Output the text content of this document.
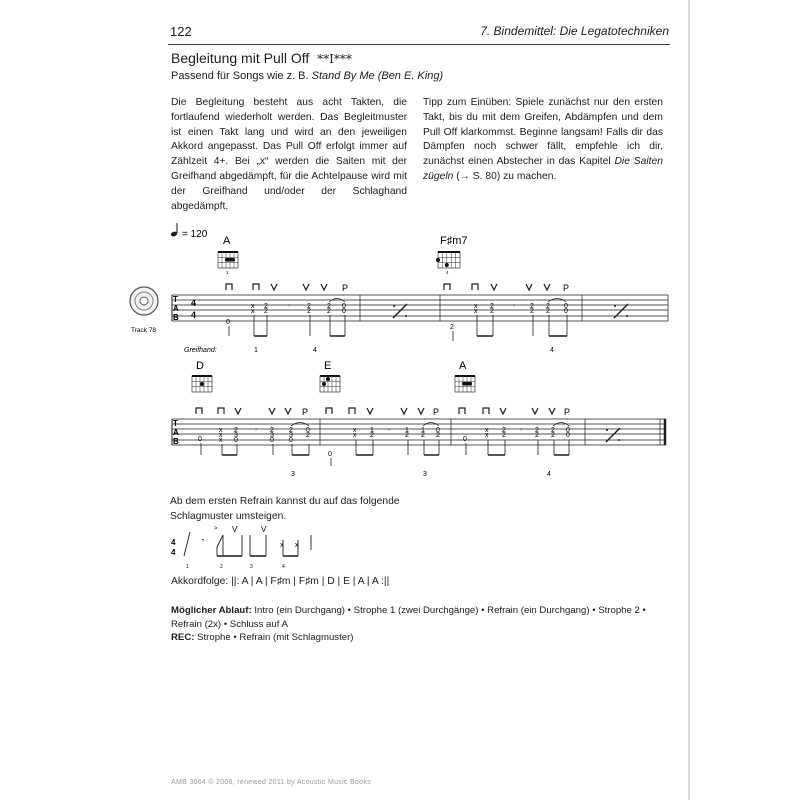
122	7. Bindemittel: Die Legatotechniken
Begleitung mit Pull Off **I***
Passend für Songs wie z. B. Stand By Me (Ben E. King)

Die Begleitung besteht aus acht Takten, die fortlaufend wiederholt werden. Das Begleitmuster ist einen Takt lang und wird an den jeweiligen Akkord angepasst. Das Pull Off erfolgt immer auf Zählzeit 4+. Bei „x“ werden die Saiten mit der Greifhand abgedämpft, für die Achtelpause wird mit der Greifhand und/oder der Schlaghand abgedämpft.

Tipp zum Einüben: Spiele zunächst nur den ersten Takt, bis du mit dem Greifen, Abdämpfen und dem Pull Off klarkommst. Beginne langsam! Falls dir das Dämpfen noch schwer fällt, empfehle ich dir, zunächst einen Abstecher in das Kapitel Die Saiten zügeln (→ S. 80) zu machen.

= 120
Track 78
A	F♯m7
1	4
P	P
T
A
B
4
4
0
x
x
2
2
𝄾 2
2
2
2
0
0
2
x
x
2
2
𝄾 2
2
2
2
0
0
Greifhand:	1	4	4
D	E	A
P	P	P
T
A
B	0
x
x
x
2
3
0
𝄾 2
3
0
2
3
0
0
2
0
x
x
1
2
𝄾 1
2
1
2
0
2
0
x
x
2
2
𝄾 2
2
2
2
0
0
3	3	4
4
4
𝄾
> V	V
x x
1	2	3	4
Ab dem ersten Refrain kannst du auf das folgende Schlagmuster umsteigen.
Akkordfolge: ||: A | A | F♯m | F♯m | D | E | A | A :||
Möglicher Ablauf: Intro (ein Durchgang) • Strophe 1 (zwei Durchgänge) • Refrain (ein Durchgang) • Strophe 2 • Refrain (2x) • Schluss auf A
REC: Strophe • Refrain (mit Schlagmuster)
AMB 3064 © 2006, renewed 2011 by Acoustic Music Books
